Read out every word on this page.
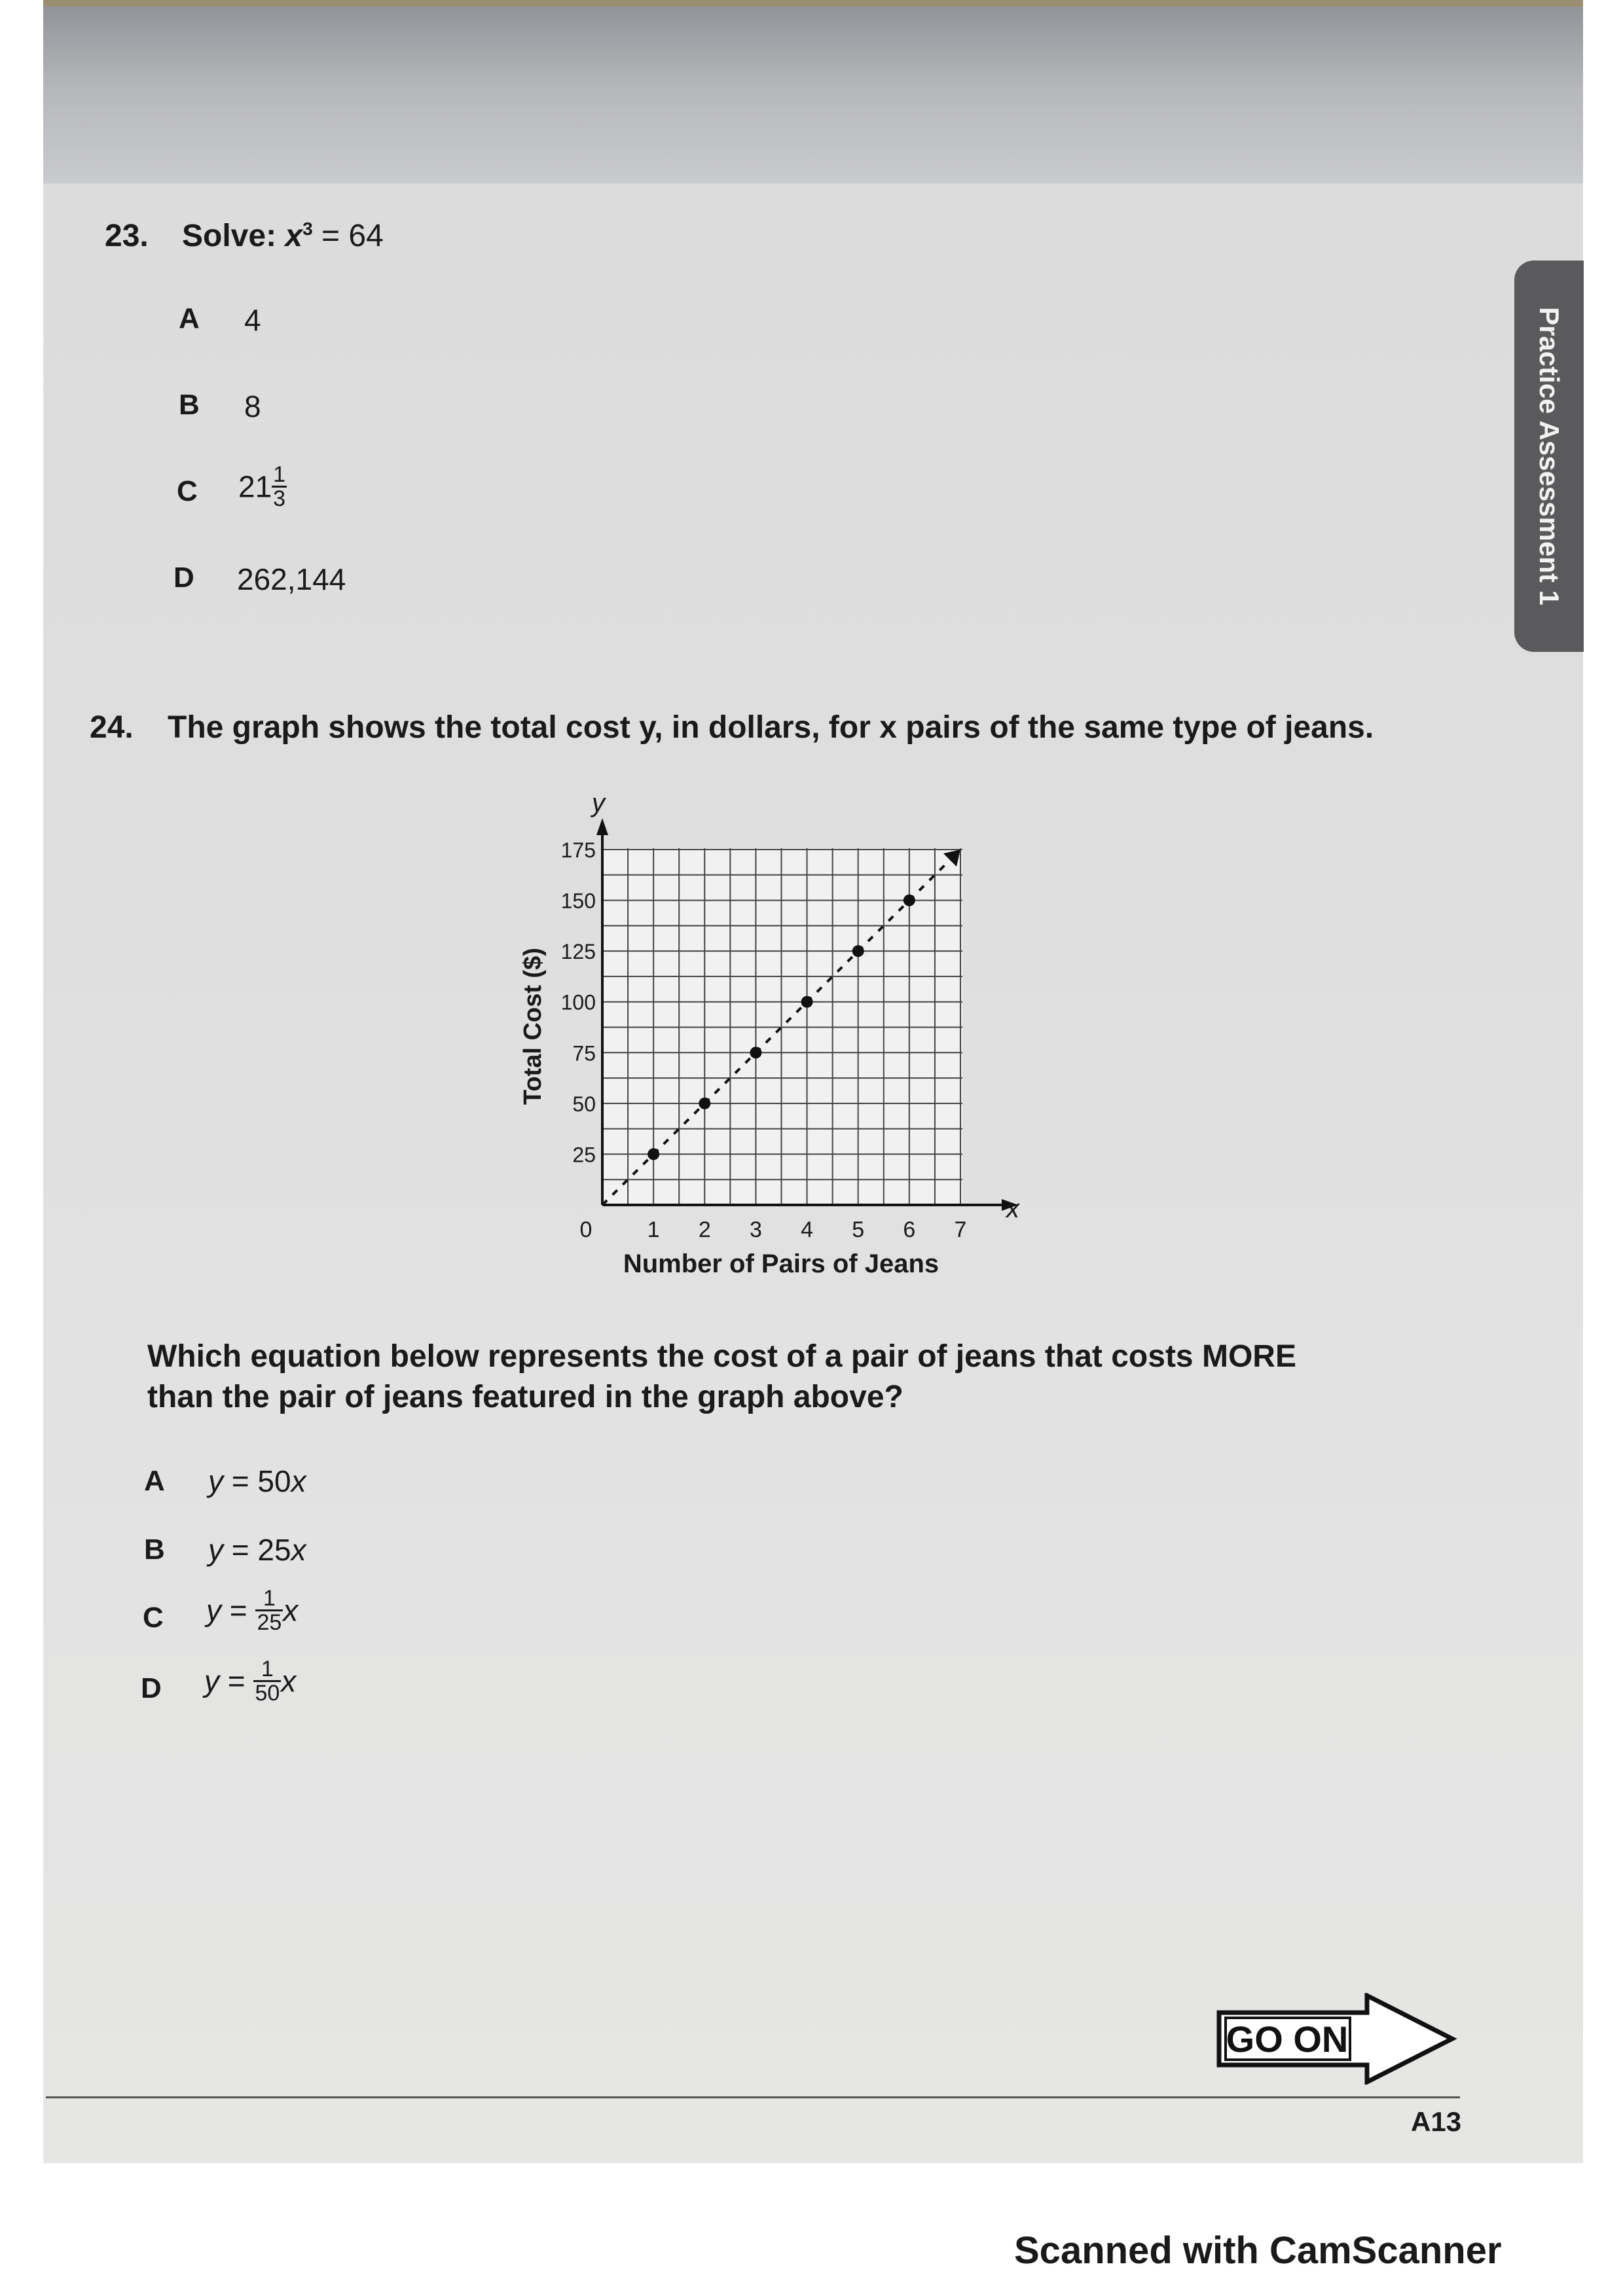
Practice Assessment 1
23. Solve: $x^3 = 64$
A 4
B 8
C $21 \frac{1}{3}$
D 262,144
24. The graph shows the total cost y, in dollars, for x pairs of the same type of jeans.
1 2 3 4 5 6 7
0
25
50
75
100
125
150
175
y
x
Number of Pairs of Jeans
Total Cost ($)
Which equation below represents the cost of a pair of jeans that costs MORE
than the pair of jeans featured in the graph above?
A y = 50x
B y = 25x
C $y = \frac{1}{25}$ x
D $y = \frac{1}{50}$ x
GO ON
A13
Scanned with CamScanner
